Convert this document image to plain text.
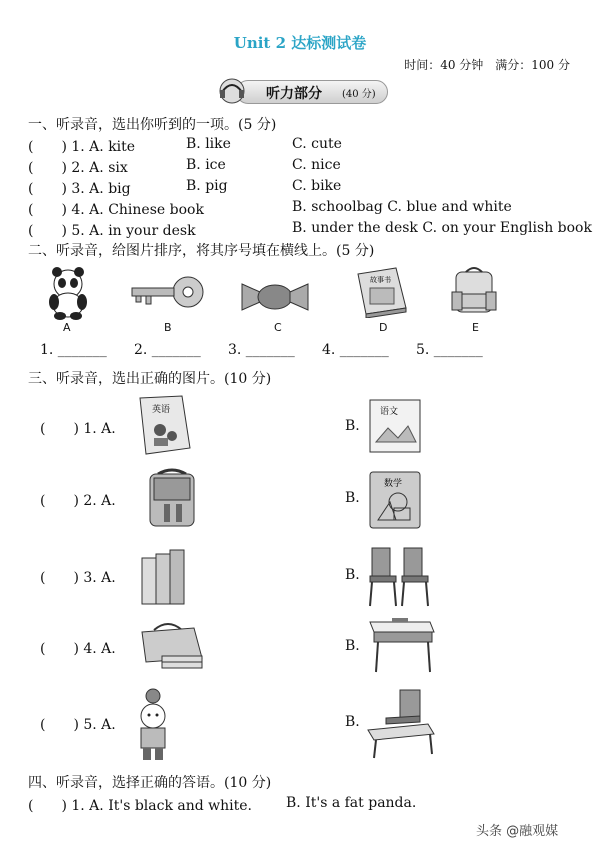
Unit 2 达标测试卷
时间：40 分钟　满分：100 分
听力部分 (40 分)
一、听录音，选出你听到的一项。(5 分)
(　　) 1. A. kite	B. like	C. cute
(　　) 2. A. six	B. ice	C. nice
(　　) 3. A. big	B. pig	C. bike
(　　) 4. A. Chinese book	B. schoolbag C. blue and white
(　　) 5. A. in your desk	B. under the desk C. on your English book
二、听录音，给图片排序，将其序号填在横线上。(5 分)
故事书
A	B	C	D	E
1. _______ 2. _______ 3. _______ 4. _______ 5. _______
三、听录音，选出正确的图片。(10 分)
(　　) 1. A.	B.
英语	语文
(　　) 2. A.	B.
数学
(　　) 3. A.	B.
(　　) 4. A.	B.
(　　) 5. A.	B.
四、听录音，选择正确的答语。(10 分)
(　　) 1. A. It's black and white. B. It's a fat panda.
头条 @融观媒
